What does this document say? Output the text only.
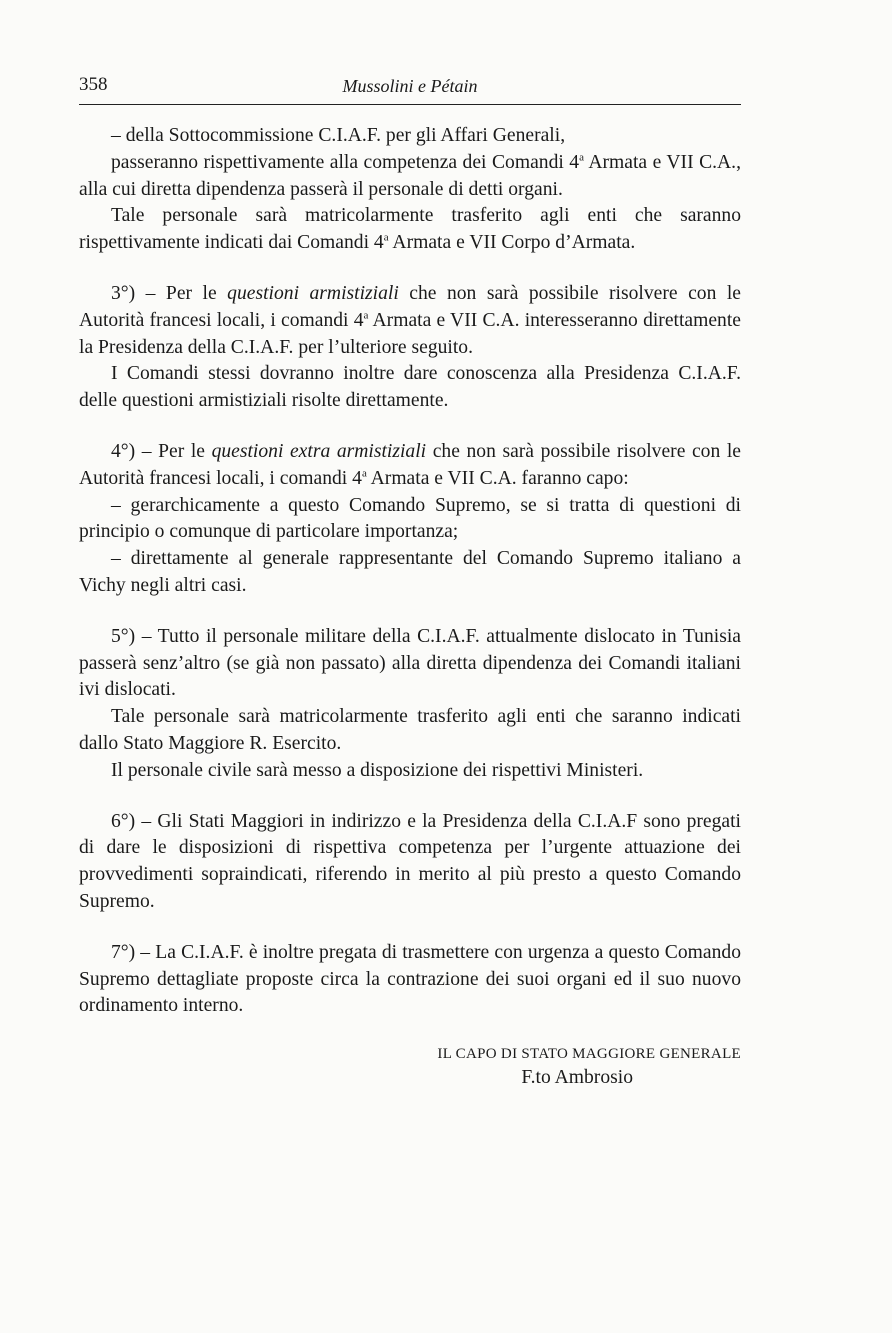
358	Mussolini e Pétain

– della Sottocommissione C.I.A.F. per gli Affari Generali,

passeranno rispettivamente alla competenza dei Comandi 4$^a$ Armata e VII C.A., alla cui diretta dipendenza passerà il personale di detti organi.

Tale personale sarà matricolarmente trasferito agli enti che saranno rispettivamente indicati dai Comandi 4$^a$ Armata e VII Corpo d’Armata.

3°) – Per le questioni armistiziali che non sarà possibile risolvere con le Autorità francesi locali, i comandi 4$^a$ Armata e VII C.A. interesseranno direttamente la Presidenza della C.I.A.F. per l’ulteriore seguito.

I Comandi stessi dovranno inoltre dare conoscenza alla Presidenza C.I.A.F. delle questioni armistiziali risolte direttamente.

4°) – Per le questioni extra armistiziali che non sarà possibile risolvere con le Autorità francesi locali, i comandi 4$^a$ Armata e VII C.A. faranno capo:

– gerarchicamente a questo Comando Supremo, se si tratta di questioni di principio o comunque di particolare importanza;

– direttamente al generale rappresentante del Comando Supremo italiano a Vichy negli altri casi.

5°) – Tutto il personale militare della C.I.A.F. attualmente dislocato in Tunisia passerà senz’altro (se già non passato) alla diretta dipendenza dei Comandi italiani ivi dislocati.

Tale personale sarà matricolarmente trasferito agli enti che saranno indicati dallo Stato Maggiore R. Esercito.

Il personale civile sarà messo a disposizione dei rispettivi Ministeri.

6°) – Gli Stati Maggiori in indirizzo e la Presidenza della C.I.A.F sono pregati di dare le disposizioni di rispettiva competenza per l’urgente attuazione dei provvedimenti sopraindicati, riferendo in merito al più presto a questo Comando Supremo.

7°) – La C.I.A.F. è inoltre pregata di trasmettere con urgenza a questo Comando Supremo dettagliate proposte circa la contrazione dei suoi organi ed il suo nuovo ordinamento interno.

IL CAPO DI STATO MAGGIORE GENERALE
F.to Ambrosio
